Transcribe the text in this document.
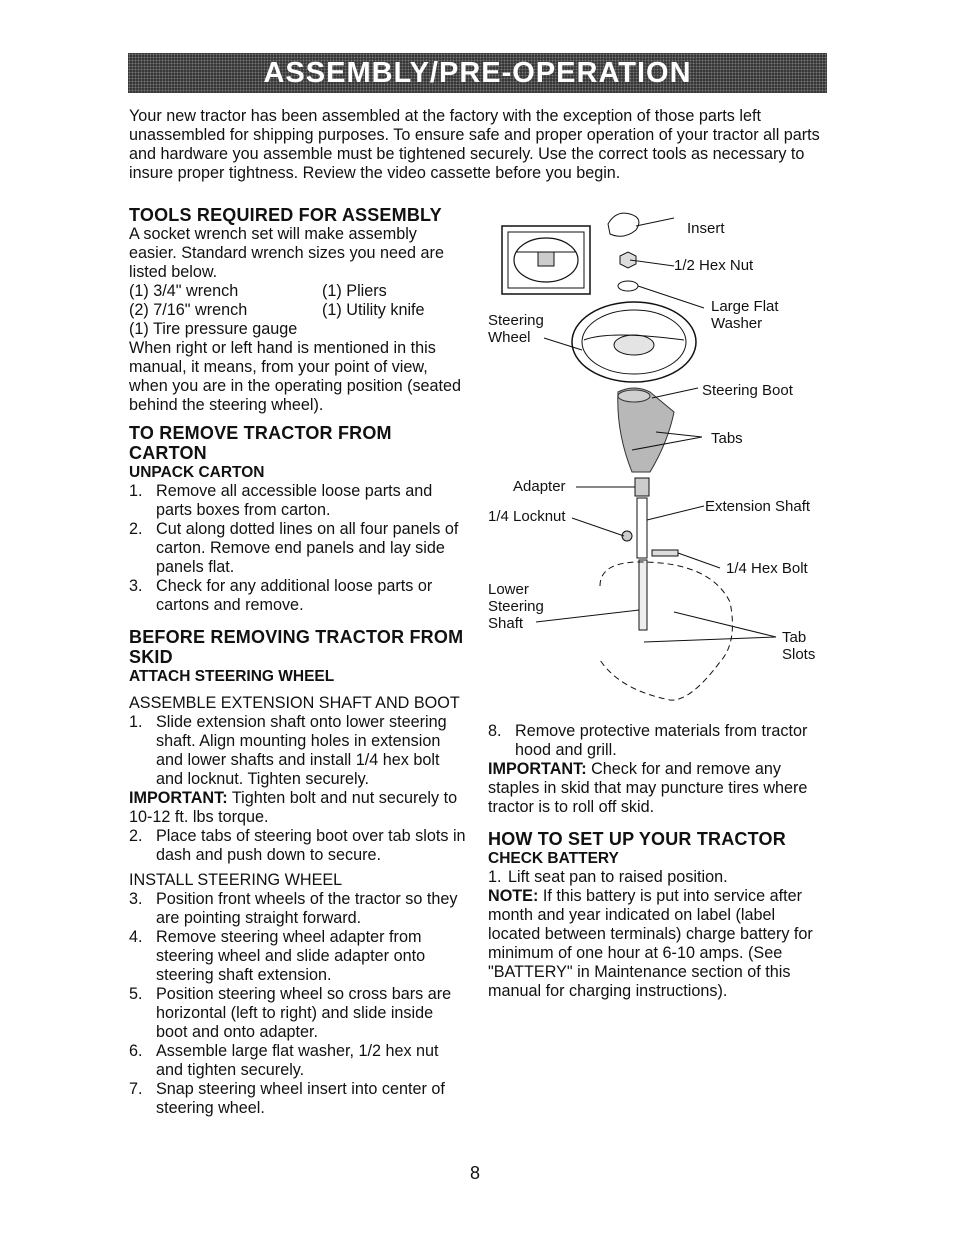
ASSEMBLY/PRE-OPERATION

Your new tractor has been assembled at the factory with the exception of those parts left unassembled for shipping purposes. To ensure safe and proper operation of your tractor all parts and hardware you assemble must be tightened securely. Use the correct tools as necessary to insure proper tightness. Review the video cassette before you begin.

TOOLS REQUIRED FOR ASSEMBLY

A socket wrench set will make assembly easier. Standard wrench sizes you need are listed below.

(1) 3/4" wrench	(1) Pliers
(2) 7/16" wrench	(1) Utility knife

(1) Tire pressure gauge

When right or left hand is mentioned in this manual, it means, from your point of view, when you are in the operating position (seated behind the steering wheel).

TO REMOVE TRACTOR FROM CARTON
UNPACK CARTON
1. Remove all accessible loose parts and parts boxes from carton.
2. Cut along dotted lines on all four panels of carton. Remove end panels and lay side panels flat.
3. Check for any additional loose parts or cartons and remove.
BEFORE REMOVING TRACTOR FROM SKID
ATTACH STEERING WHEEL

ASSEMBLE EXTENSION SHAFT AND BOOT

1. Slide extension shaft onto lower steering shaft. Align mounting holes in extension and lower shafts and install 1/4 hex bolt and locknut. Tighten securely.

IMPORTANT: Tighten bolt and nut securely to 10-12 ft. lbs torque.

2. Place tabs of steering boot over tab slots in dash and push down to secure.

INSTALL STEERING WHEEL

3. Position front wheels of the tractor so they are pointing straight forward.
4. Remove steering wheel adapter from steering wheel and slide adapter onto steering shaft extension.
5. Position steering wheel so cross bars are horizontal (left to right) and slide inside boot and onto adapter.
6. Assemble large flat washer, 1/2 hex nut and tighten securely.
7. Snap steering wheel insert into center of steering wheel.
Insert
1/2 Hex Nut
Large Flat
Washer
Steering
Wheel
Steering Boot
Tabs
Adapter
Extension Shaft
1/4 Locknut
1/4 Hex Bolt
Lower
Steering
Shaft
Tab
Slots
8. Remove protective materials from tractor hood and grill.

IMPORTANT: Check for and remove any staples in skid that may puncture tires where tractor is to roll off skid.

HOW TO SET UP YOUR TRACTOR
CHECK BATTERY
1. Lift seat pan to raised position.

NOTE: If this battery is put into service after month and year indicated on label (label located between terminals) charge battery for minimum of one hour at 6-10 amps. (See "BATTERY" in Maintenance section of this manual for charging instructions).

8
